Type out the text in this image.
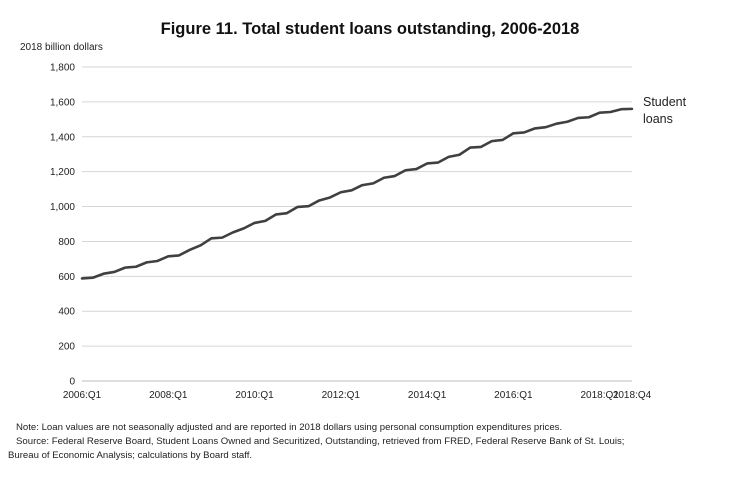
Figure 11. Total student loans outstanding, 2006-2018
2018 billion dollars
0
200
400
600
800
1,000
1,200
1,400
1,600
1,800
2006:Q1	2008:Q1	2010:Q1	2012:Q1	2014:Q1	2016:Q1	2018:Q1
2018:Q4
Student
loans
Note: Loan values are not seasonally adjusted and are reported in 2018 dollars using personal consumption expenditures prices.
Source: Federal Reserve Board, Student Loans Owned and Securitized, Outstanding, retrieved from FRED, Federal Reserve Bank of St. Louis;
Bureau of Economic Analysis; calculations by Board staff.
